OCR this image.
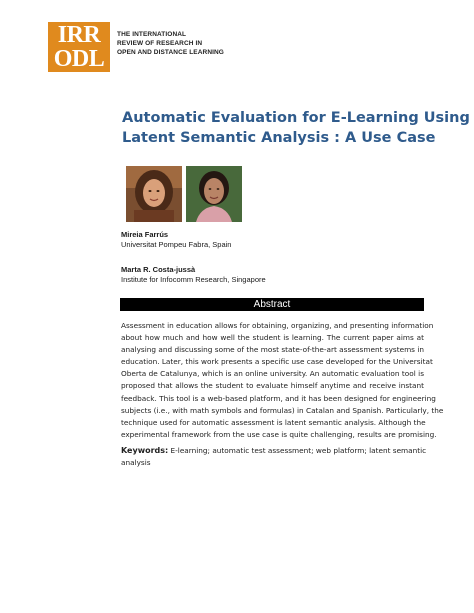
IRR
ODL
THE INTERNATIONAL
REVIEW OF RESEARCH IN
OPEN AND DISTANCE LEARNING
Automatic Evaluation for E-Learning Using
Latent Semantic Analysis : A Use Case
Mireia Farrús
Universitat Pompeu Fabra, Spain
Marta R. Costa-jussà
Institute for Infocomm Research, Singapore
Abstract
Assessment in education allows for obtaining, organizing, and presenting information
about how much and how well the student is learning. The current paper aims at
analysing and discussing some of the most state-of-the-art assessment systems in
education. Later, this work presents a specific use case developed for the Universitat
Oberta de Catalunya, which is an online university. An automatic evaluation tool is
proposed that allows the student to evaluate himself anytime and receive instant
feedback. This tool is a web-based platform, and it has been designed for engineering
subjects (i.e., with math symbols and formulas) in Catalan and Spanish. Particularly, the
technique used for automatic assessment is latent semantic analysis. Although the
experimental framework from the use case is quite challenging, results are promising.
Keywords: E-learning; automatic test assessment; web platform; latent semantic
analysis
